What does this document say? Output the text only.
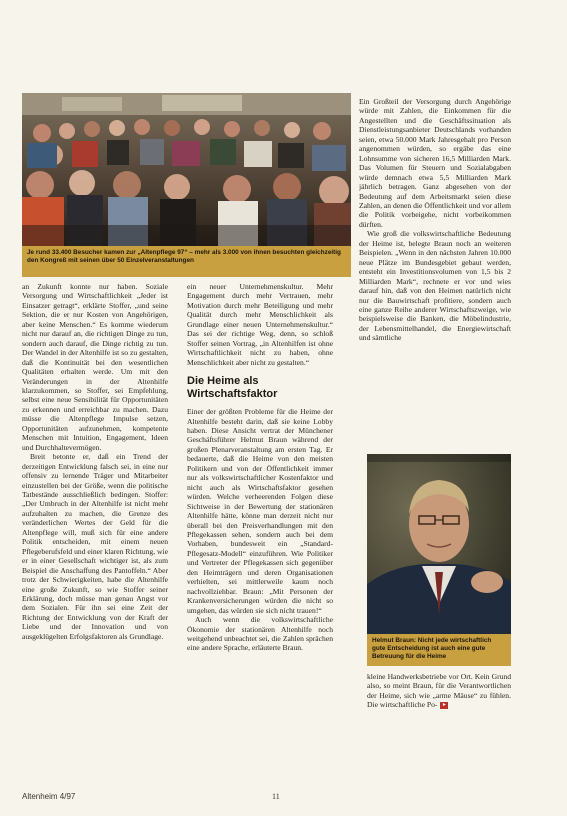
Je rund 33.400 Besucher kamen zur „Altenpflege 97“ – mehr als 3.000 von ihnen besuchten gleichzeitig den Kongreß mit seinen über 50 Einzelveranstaltungen

an Zukunft konnte nur haben. Soziale Versorgung und Wirtschaftlichkeit „Jeder ist Einsatzer getragt“, erklärte Stoffer, „und seine Sektion, die er nur Kosten von Angehörigen, aber keine Menschen.“ Es komme wiederum nicht nur darauf an, die richtigen Dinge zu tun, sondern auch darauf, die Dinge richtig zu tun. Der Wandel in der Altenhilfe ist so zu gestalten, daß die Kontinuität bei den wesentlichen Qualitäten erhalten werde. Um mit den Veränderungen in der Altenhilfe klarzukommen, so Stoffer, sei Empfehlung, selbst eine neue Sensibilität für Opportunitäten zu erkennen und erreichbar zu machen. Dazu müsse die Altenpflege Impulse setzen, Opportunitäten aufzunehmen, kompetente Menschen mit Intuition, Engagement, Ideen und Durchhaltevermögen.

Breit betonte er, daß ein Trend der derzeitigen Entwicklung falsch sei, in eine nur offensiv zu lernende Träger und Mitarbeiter einzustellen bei der Größe, wenn die politische Tatbestände ausschließlich bedingen. Stoffer: „Der Umbruch in der Altenhilfe ist nicht mehr aufzuhalten zu machen, die Grenze des veränderlichen Wertes der Geld für die Altenpflege will, muß sich für eine andere Politik entscheiden, mit einem neuen Pflegeberufsfeld und einer klaren Richtung, wie er in einer Gesellschaft wichtiger ist, als zum Beispiel die Anschaffung des Pantoffeln.“ Aber trotz der Schwierigkeiten, habe die Altenhilfe eine große Zukunft, so wie Stoffer seiner Erklärung, doch müsse man genau Angst vor dem Sozialen. Für ihn sei eine Zeit der Richtung der Entwicklung von der Kraft der Liebe und der Innovation und von ausgeklügelten Erfolgsfaktoren als Grundlage.

ein neuer Unternehmenskultur. Mehr Engagement durch mehr Vertrauen, mehr Motivation durch mehr Beteiligung und mehr Qualität durch mehr Menschlichkeit als Grundlage einer neuen Unternehmenskultur.“ Das sei der richtige Weg, denn, so schloß Stoffer seinen Vortrag, „in Altenhilfen ist ohne Wirtschaftlichkeit nicht zu haben, ohne Menschlichkeit aber nicht zu gestalten.“

Die Heime als Wirtschaftsfaktor

Einer der größten Probleme für die Heime der Altenhilfe besteht darin, daß sie keine Lobby haben. Diese Ansicht vertrat der Münchener Geschäftsführer Helmut Braun während der großen Plenarveranstaltung am ersten Tag. Er bedauerte, daß die Heime von den meisten Politikern und von der Öffentlichkeit immer nur als volkswirtschaftlicher Kostenfaktor und nicht auch als Wirtschaftsfaktor gesehen würden. Welche verheerenden Folgen diese Sichtweise in der Bewertung der stationären Altenhilfe hätte, könne man derzeit nicht nur überall bei den Preisverhandlungen mit den Pflegekassen sehen, sondern auch bei dem Vorhaben, bundesweit ein „Standard-Pflegesatz-Modell“ einzuführen. Wie Politiker und Vertreter der Pflegekassen sich gegenüber den Heimträgern und deren Organisationen verhielten, sei mittlerweile kaum noch nachvollziehbar. Braun: „Mit Personen der Krankenversicherungen würden die nicht so umgehen, das würden sie sich nicht trauen!“

Auch wenn die volkswirtschaftliche Ökonomie der stationären Altenhilfe noch weitgehend unbeachtet sei, die Zahlen sprächen eine andere Sprache, erläuterte Braun.

Ein Großteil der Versorgung durch Angehörige würde mit Zahlen, die Einkommen für die Angestellten und die Geschäftssituation als Dienstleistungsanbieter Deutschlands vorhanden seien, etwa 50.000 Mark Jahresgehalt pro Person angenommen würden, so ergäbe das eine Lohnsumme von sicheren 16,5 Milliarden Mark. Das Volumen für Steuern und Sozialabgaben würde demnach etwa 5,5 Milliarden Mark jährlich betragen. Ganz abgesehen von der Bedeutung auf dem Arbeitsmarkt seien diese Zahlen, an denen die Öffentlichkeit und vor allem die Politik vorbeigehe, nicht vorbeikommen dürften.

Wie groß die volkswirtschaftliche Bedeutung der Heime ist, belegte Braun noch an weiteren Beispielen. „Wenn in den nächsten Jahren 10.000 neue Plätze im Bundesgebiet gebaut werden, entsteht ein Investitionsvolumen von 1,5 bis 2 Milliarden Mark“, rechnete er vor und wies darauf hin, daß von den Heimen natürlich nicht nur die Bauwirtschaft profitiere, sondern auch eine ganze Reihe anderer Wirtschaftszweige, wie beispielsweise die Banken, die Möbelindustrie, der Lebensmittelhandel, die Energiewirtschaft und sämtliche

Helmut Braun: Nicht jede wirtschaftlich gute Entscheidung ist auch eine gute Betreuung für die Heime

kleine Handwerksbetriebe vor Ort. Kein Grund also, so meint Braun, für die Verantwortlichen der Heime, sich wie „arme Mäuse“ zu fühlen. Die wirtschaftliche Po- ▸

Altenheim 4/97	11
